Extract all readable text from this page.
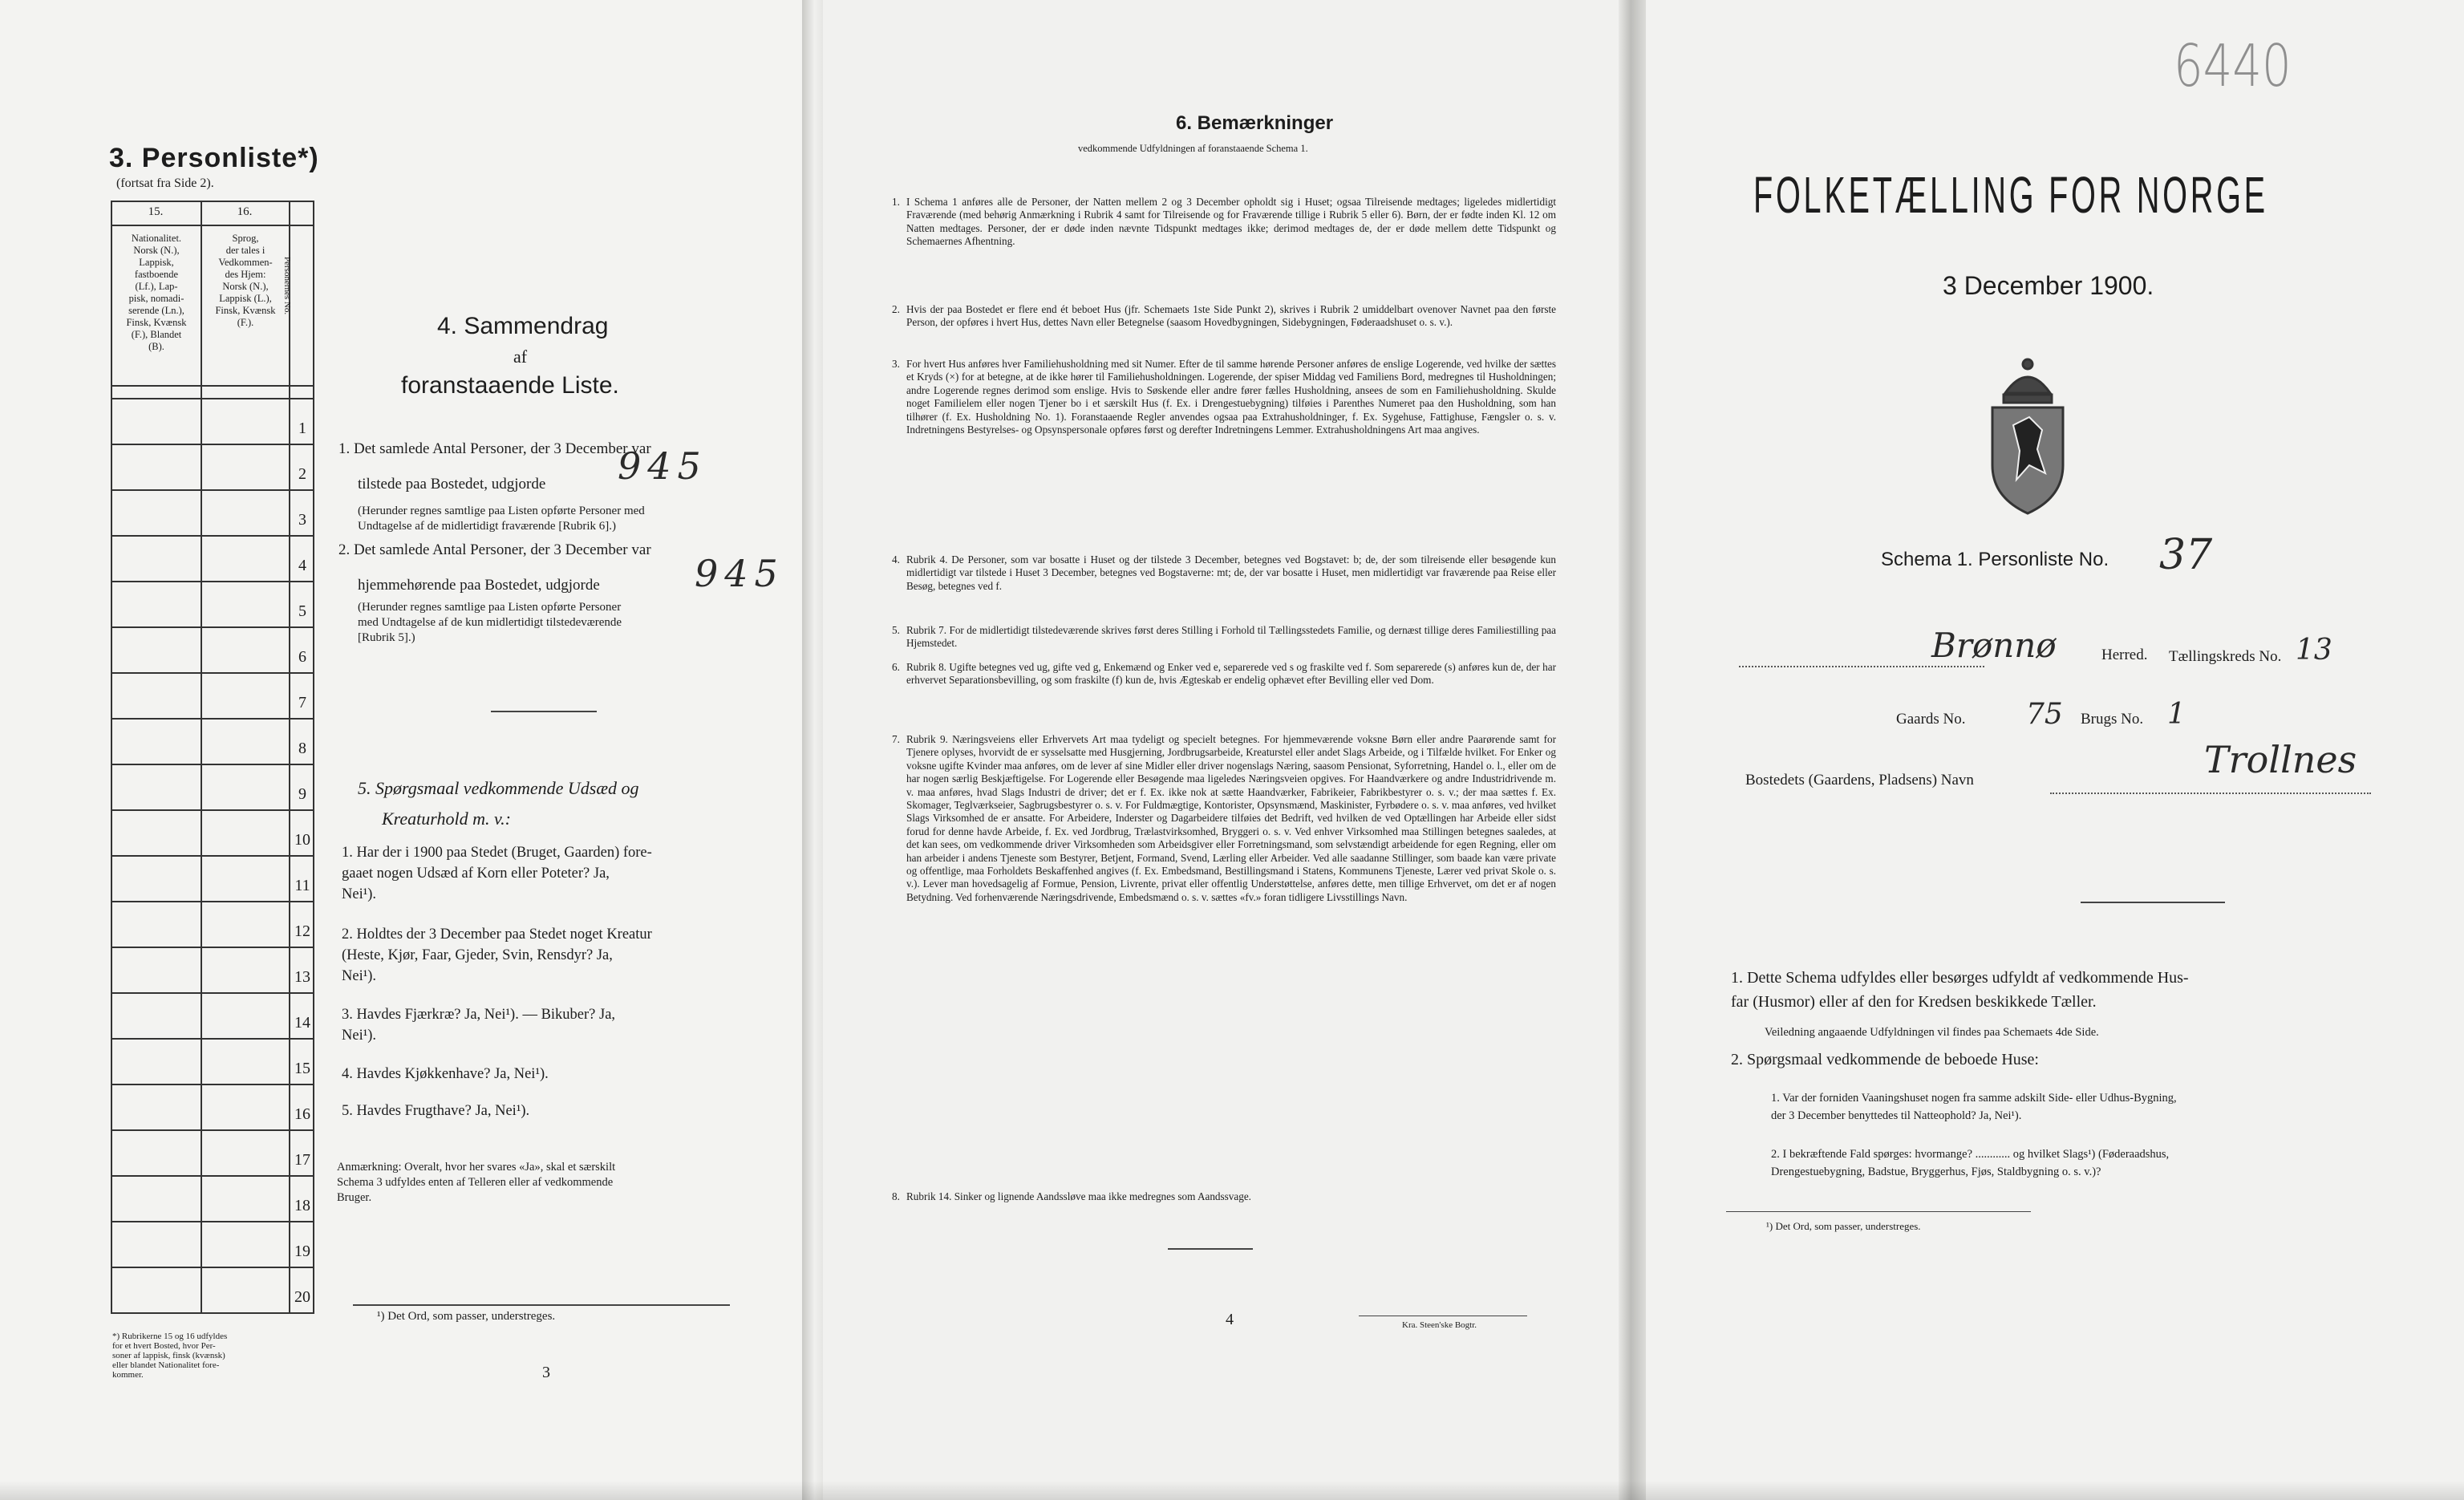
3. Personliste*)
(fortsat fra Side 2).
15.	16.
Nationalitet.
Norsk (N.),
Lappisk,
fastboende
(Lf.), Lap-
pisk, nomadi-
serende (Ln.),
Finsk, Kvænsk
(F.), Blandet
(B).
Sprog,
der tales i
Vedkommen-
des Hjem:
Norsk (N.),
Lappisk (L.),
Finsk, Kvænsk
(F.).
Personernes No.
1
2
3
4
5
6
7
8
9
10
11
12
13
14
15
16
17
18
19
20
*) Rubrikerne 15 og 16 udfyldes
for et hvert Bosted, hvor Per-
soner af lappisk, finsk (kvænsk)
eller blandet Nationalitet fore-
kommer.	3
4. Sammendrag
af
foranstaaende Liste.
1. Det samlede Antal Personer, der 3 December var
tilstede paa Bostedet, udgjorde 945
(Herunder regnes samtlige paa Listen opførte Personer med
Undtagelse af de midlertidigt fraværende [Rubrik 6].)
2. Det samlede Antal Personer, der 3 December var
hjemmehørende paa Bostedet, udgjorde	945
(Herunder regnes samtlige paa Listen opførte Personer
med Undtagelse af de kun midlertidigt tilstedeværende
[Rubrik 5].)
5. Spørgsmaal vedkommende Udsæd og
Kreaturhold m. v.:
1. Har der i 1900 paa Stedet (Bruget, Gaarden) fore-
gaaet nogen Udsæd af Korn eller Poteter? Ja,
Nei¹).
2. Holdtes der 3 December paa Stedet noget Kreatur
(Heste, Kjør, Faar, Gjeder, Svin, Rensdyr? Ja,
Nei¹).
3. Havdes Fjærkræ? Ja, Nei¹). — Bikuber? Ja,
Nei¹).
4. Havdes Kjøkkenhave? Ja, Nei¹).
5. Havdes Frugthave? Ja, Nei¹).
Anmærkning: Overalt, hvor her svares «Ja», skal et særskilt
Schema 3 udfyldes enten af Telleren eller af vedkommende
Bruger.
¹) Det Ord, som passer, understreges.
6. Bemærkninger
vedkommende Udfyldningen af foranstaaende Schema 1.
1. I Schema 1 anføres alle de Personer, der Natten mellem 2 og 3 December opholdt sig i Huset; ogsaa Tilreisende medtages; ligeledes midlertidigt Fraværende (med behørig Anmærkning i Rubrik 4 samt for Tilreisende og for Fraværende tillige i Rubrik 5 eller 6). Børn, der er fødte inden Kl. 12 om Natten medtages. Personer, der er døde inden nævnte Tidspunkt medtages ikke; derimod medtages de, der er døde mellem dette Tidspunkt og Schemaernes Afhentning.
2. Hvis der paa Bostedet er flere end ét beboet Hus (jfr. Schemaets 1ste Side Punkt 2), skrives i Rubrik 2 umiddelbart ovenover Navnet paa den første Person, der opføres i hvert Hus, dettes Navn eller Betegnelse (saasom Hovedbygningen, Sidebygningen, Føderaadshuset o. s. v.).
3. For hvert Hus anføres hver Familiehusholdning med sit Numer. Efter de til samme hørende Personer anføres de enslige Logerende, ved hvilke der sættes et Kryds (×) for at betegne, at de ikke hører til Familiehusholdningen. Logerende, der spiser Middag ved Familiens Bord, medregnes til Husholdningen; andre Logerende regnes derimod som enslige. Hvis to Søskende eller andre fører fælles Husholdning, ansees de som en Familiehusholdning. Skulde noget Familielem eller nogen Tjener bo i et særskilt Hus (f. Ex. i Drengestuebygning) tilføies i Parenthes Numeret paa den Husholdning, som han tilhører (f. Ex. Husholdning No. 1). Foranstaaende Regler anvendes ogsaa paa Extrahusholdninger, f. Ex. Sygehuse, Fattighuse, Fængsler o. s. v. Indretningens Bestyrelses- og Opsynspersonale opføres først og derefter Indretningens Lemmer. Extrahusholdningens Art maa angives.
4. Rubrik 4. De Personer, som var bosatte i Huset og der tilstede 3 December, betegnes ved Bogstavet: b; de, der som tilreisende eller besøgende kun midlertidigt var tilstede i Huset 3 December, betegnes ved Bogstaverne: mt; de, der var bosatte i Huset, men midlertidigt var fraværende paa Reise eller Besøg, betegnes ved f.
5. Rubrik 7. For de midlertidigt tilstedeværende skrives først deres Stilling i Forhold til Tællingsstedets Familie, og dernæst tillige deres Familiestilling paa Hjemstedet.
6. Rubrik 8. Ugifte betegnes ved ug, gifte ved g, Enkemænd og Enker ved e, separerede ved s og fraskilte ved f. Som separerede (s) anføres kun de, der har erhvervet Separationsbevilling, og som fraskilte (f) kun de, hvis Ægteskab er endelig ophævet efter Bevilling eller ved Dom.
7. Rubrik 9. Næringsveiens eller Erhvervets Art maa tydeligt og specielt betegnes. For hjemmeværende voksne Børn eller andre Paarørende samt for Tjenere oplyses, hvorvidt de er sysselsatte med Husgjerning, Jordbrugsarbeide, Kreaturstel eller andet Slags Arbeide, og i Tilfælde hvilket. For Enker og voksne ugifte Kvinder maa anføres, om de lever af sine Midler eller driver nogenslags Næring, saasom Pensionat, Syforretning, Handel o. l., eller om de har nogen særlig Beskjæftigelse. For Logerende eller Besøgende maa ligeledes Næringsveien opgives. For Haandværkere og andre Industridrivende m. v. maa anføres, hvad Slags Industri de driver; det er f. Ex. ikke nok at sætte Haandværker, Fabrikeier, Fabrikbestyrer o. s. v.; der maa sættes f. Ex. Skomager, Teglværkseier, Sagbrugsbestyrer o. s. v. For Fuldmægtige, Kontorister, Opsynsmænd, Maskinister, Fyrbødere o. s. v. maa anføres, ved hvilket Slags Virksomhed de er ansatte. For Arbeidere, Inderster og Dagarbeidere tilføies det Bedrift, ved hvilken de ved Optællingen har Arbeide eller sidst forud for denne havde Arbeide, f. Ex. ved Jordbrug, Trælastvirksomhed, Bryggeri o. s. v. Ved enhver Virksomhed maa Stillingen betegnes saaledes, at det kan sees, om vedkommende driver Virksomheden som Arbeidsgiver eller Forretningsmand, som selvstændigt arbeidende for egen Regning, eller om han arbeider i andens Tjeneste som Bestyrer, Betjent, Formand, Svend, Lærling eller Arbeider. Ved alle saadanne Stillinger, som baade kan være private og offentlige, maa Forholdets Beskaffenhed angives (f. Ex. Embedsmand, Bestillingsmand i Statens, Kommunens Tjeneste, Lærer ved privat Skole o. s. v.). Lever man hovedsagelig af Formue, Pension, Livrente, privat eller offentlig Understøttelse, anføres dette, men tillige Erhvervet, om det er af nogen Betydning. Ved forhenværende Næringsdrivende, Embedsmænd o. s. v. sættes «fv.» foran tidligere Livsstillings Navn.
8. Rubrik 14. Sinker og lignende Aandssløve maa ikke medregnes som Aandssvage.
4	Kra. Steen'ske Bogtr.
6440
FOLKETÆLLING FOR NORGE
3 December 1900.
Schema 1. Personliste No. 37
Brønnø	Herred. Tællingskreds No. 13
Gaards No. 75 Brugs No. 1
Bostedets (Gaardens, Pladsens) Navn	Trollnes
1. Dette Schema udfyldes eller besørges udfyldt af vedkommende Hus-
far (Husmor) eller af den for Kredsen beskikkede Tæller.
Veiledning angaaende Udfyldningen vil findes paa Schemaets 4de Side.
2. Spørgsmaal vedkommende de beboede Huse:
1. Var der forniden Vaaningshuset nogen fra samme adskilt Side- eller Udhus-Bygning,
der 3 December benyttedes til Natteophold? Ja, Nei¹).
2. I bekræftende Fald spørges: hvormange? ............ og hvilket Slags¹) (Føderaadshus,
Drengestuebygning, Badstue, Bryggerhus, Fjøs, Staldbygning o. s. v.)?
¹) Det Ord, som passer, understreges.
